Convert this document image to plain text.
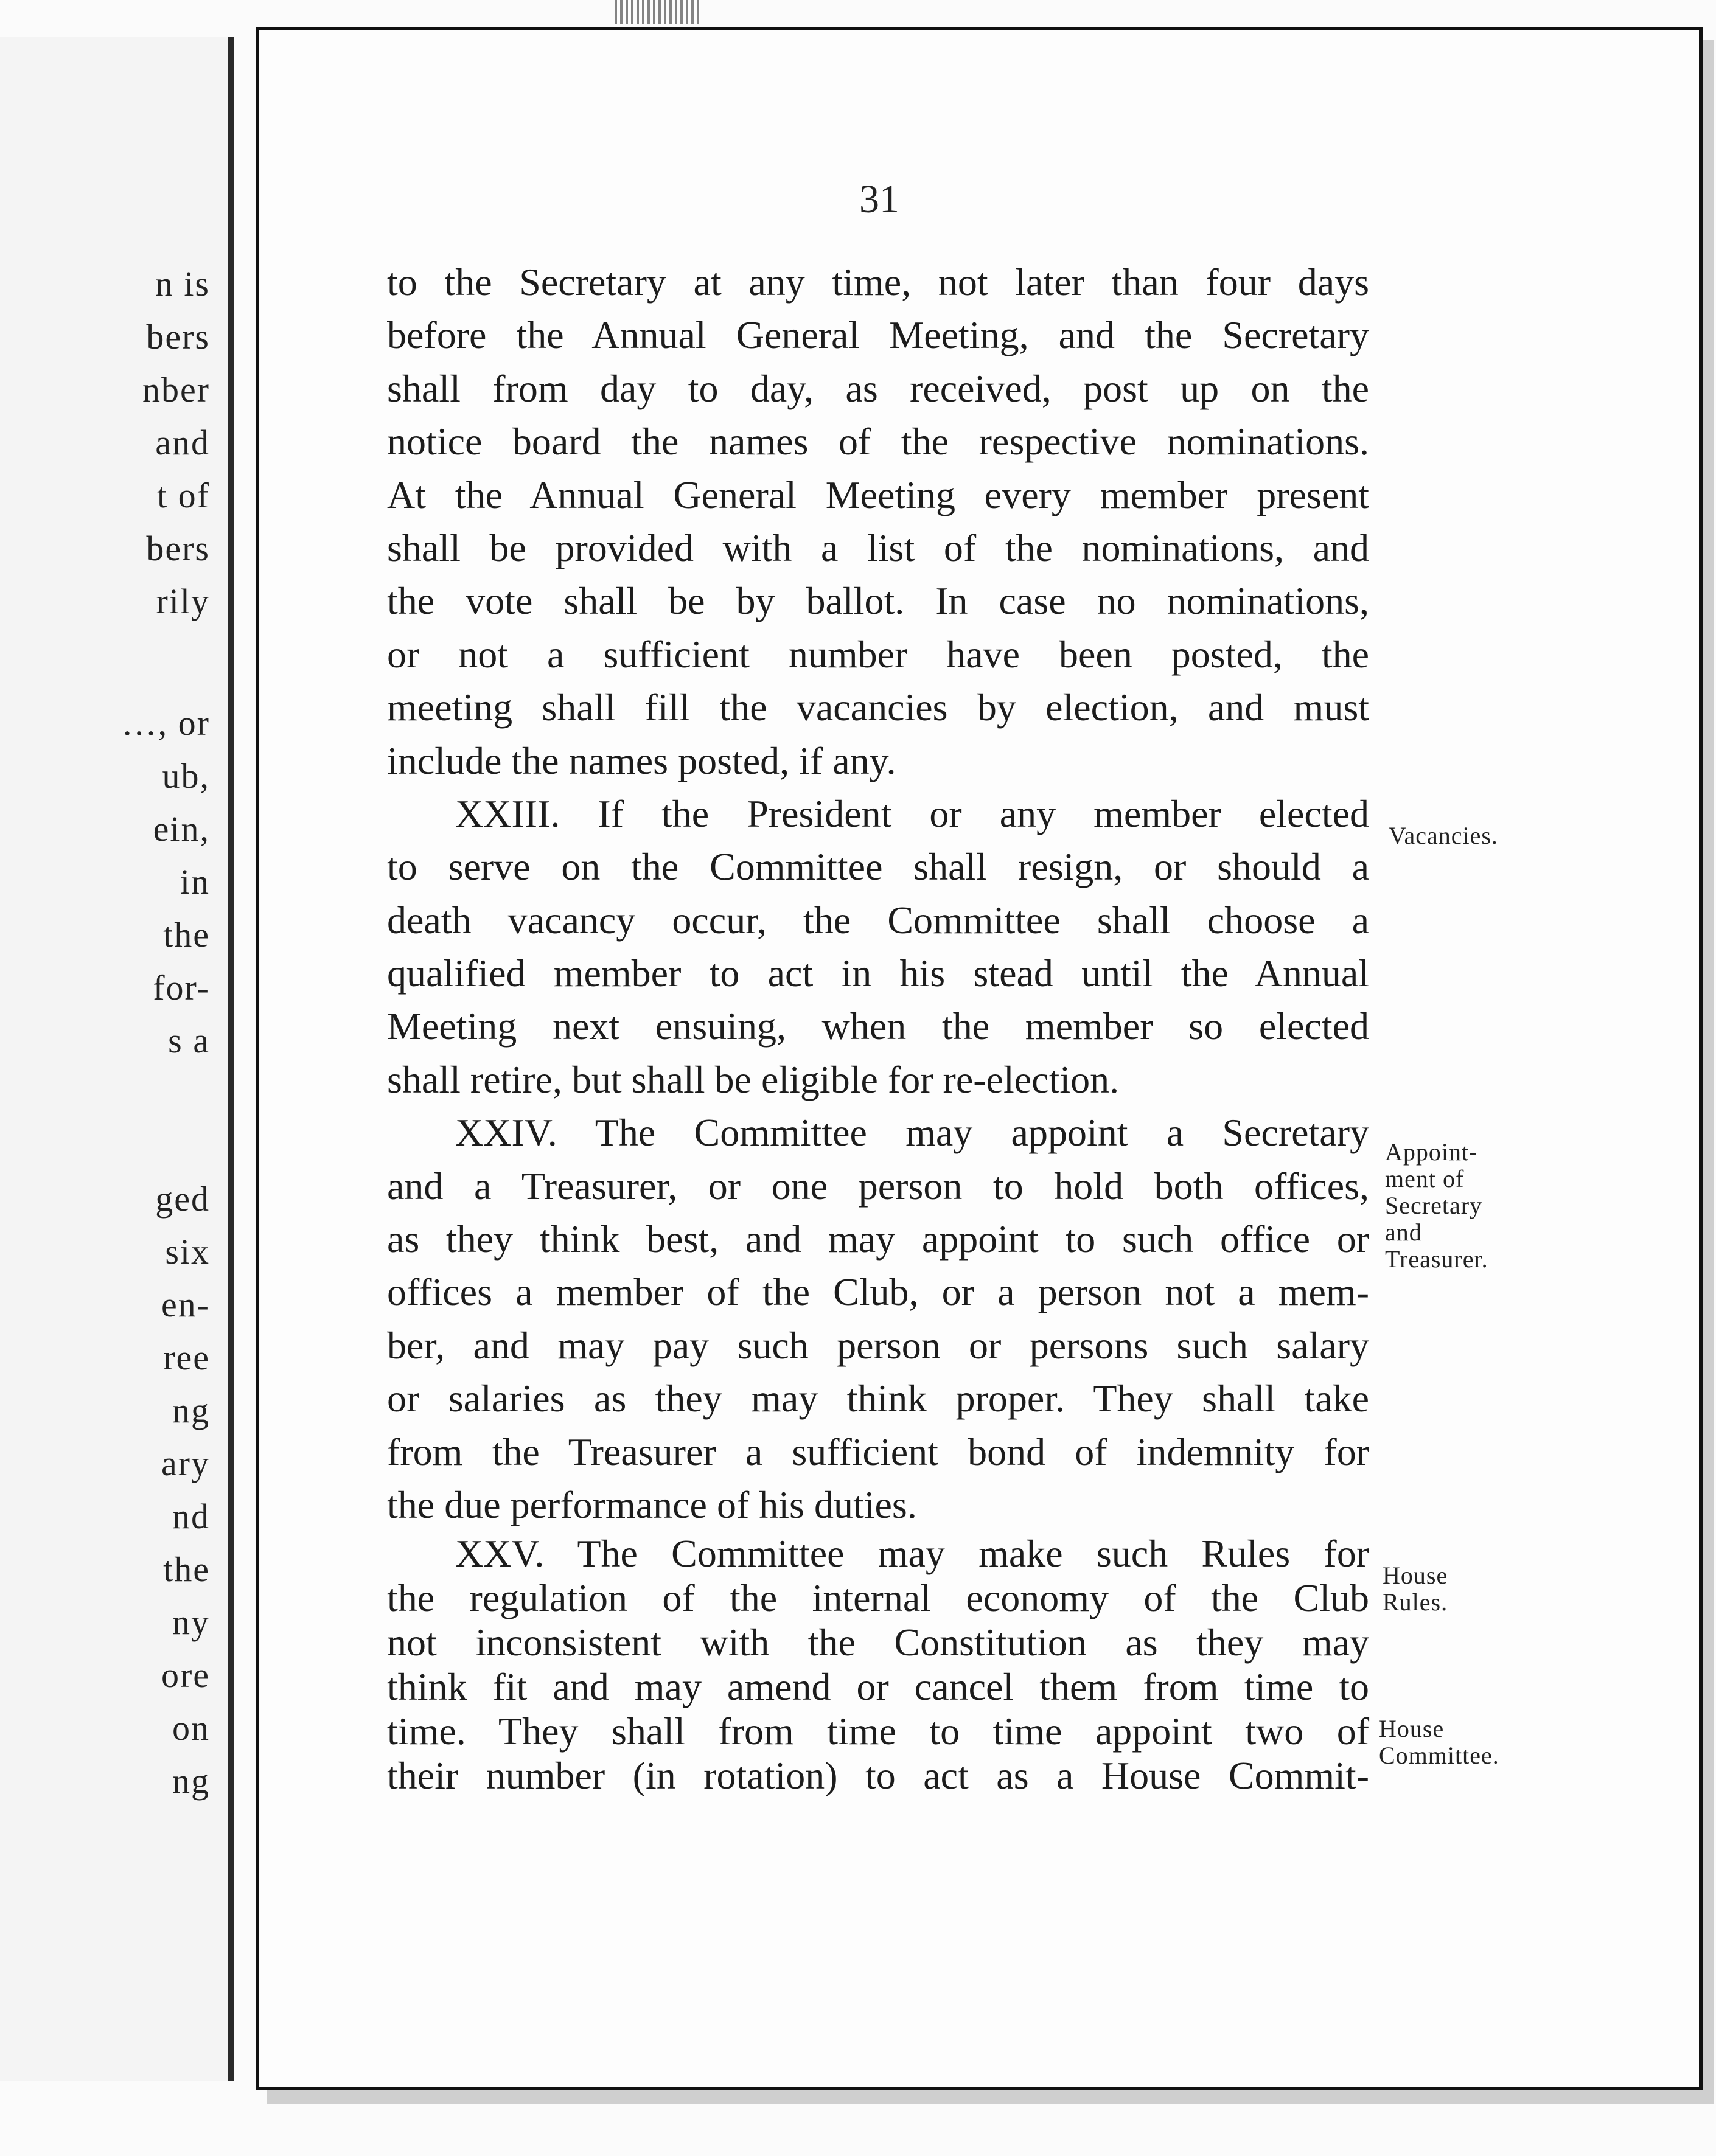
n is
bers
nber
and
t of
bers
rily
…, or
ub,
ein,
in
the
for-
s a
ged
six
en-
ree
ng
ary
nd
the
ny
ore
on
ng
31
to the Secretary at any time, not later than four days
before the Annual General Meeting, and the Secretary
shall from day to day, as received, post up on the
notice board the names of the respective nominations.
At the Annual General Meeting every member present
shall be provided with a list of the nominations, and
the vote shall be by ballot. In case no nominations,
or not a sufficient number have been posted, the
meeting shall fill the vacancies by election, and must
include the names posted, if any.
XXIII. If the President or any member elected
to serve on the Committee shall resign, or should a
death vacancy occur, the Committee shall choose a
qualified member to act in his stead until the Annual
Meeting next ensuing, when the member so elected
shall retire, but shall be eligible for re-election.
XXIV. The Committee may appoint a Secretary
and a Treasurer, or one person to hold both offices,
as they think best, and may appoint to such office or
offices a member of the Club, or a person not a mem-
ber, and may pay such person or persons such salary
or salaries as they may think proper. They shall take
from the Treasurer a sufficient bond of indemnity for
the due performance of his duties.
XXV. The Committee may make such Rules for
the regulation of the internal economy of the Club
not inconsistent with the Constitution as they may
think fit and may amend or cancel them from time to
time. They shall from time to time appoint two of
their number (in rotation) to act as a House Commit-
Vacancies.
Appoint-
ment of
Secretary
and
Treasurer.
House
Rules.
House
Committee.
